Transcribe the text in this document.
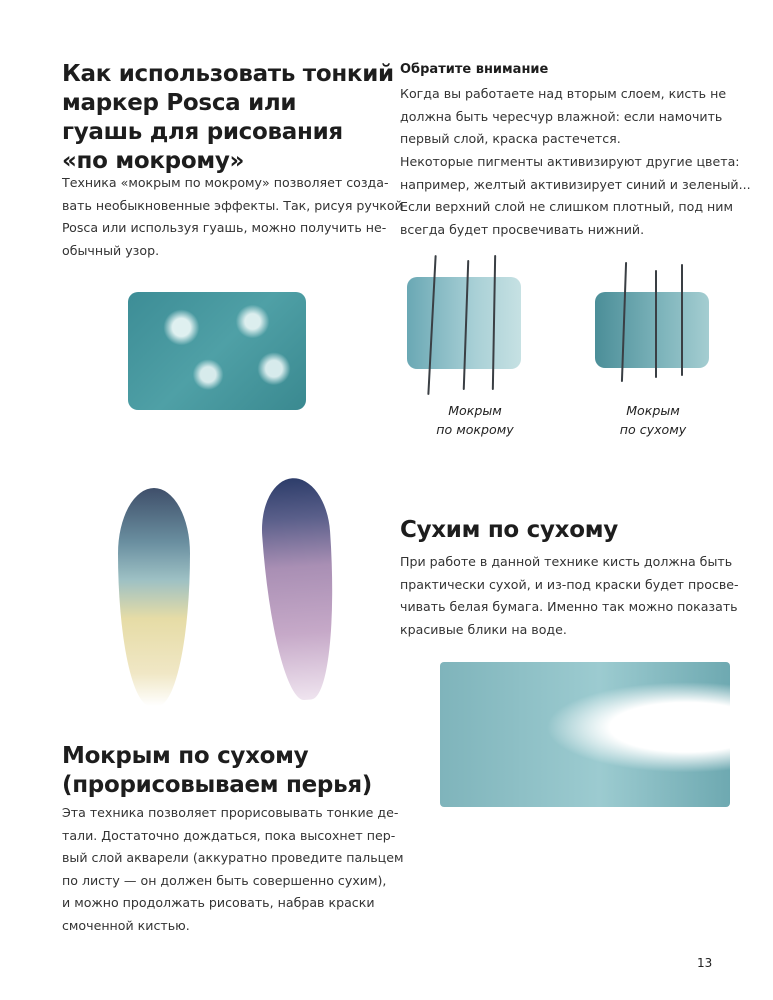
Как использовать тонкий
маркер Posca или
гуашь для рисования
«по мокрому»
Техника «мокрым по мокрому» позволяет созда-
вать необыкновенные эффекты. Так, рисуя ручкой
Posca или используя гуашь, можно получить не-
обычный узор.
Мокрым по сухому
(прорисовываем перья)
Эта техника позволяет прорисовывать тонкие де-
тали. Достаточно дождаться, пока высохнет пер-
вый слой акварели (аккуратно проведите пальцем
по листу — он должен быть совершенно сухим),
и можно продолжать рисовать, набрав краски
смоченной кистью.
Обратите внимание
Когда вы работаете над вторым слоем, кисть не
должна быть чересчур влажной: если намочить
первый слой, краска растечется.
Некоторые пигменты активизируют другие цвета:
например, желтый активизирует синий и зеленый...
Если верхний слой не слишком плотный, под ним
всегда будет просвечивать нижний.
Мокрым
по мокрому
Мокрым
по сухому
Сухим по сухому
При работе в данной технике кисть должна быть
практически сухой, и из-под краски будет просве-
чивать белая бумага. Именно так можно показать
красивые блики на воде.
13
